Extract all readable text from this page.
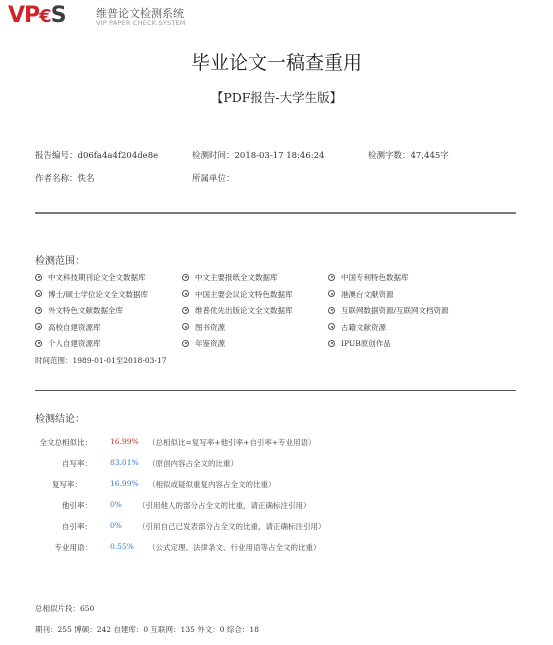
VP€S	维普论文检测系统
VIP PAPER CHECK SYSTEM
毕业论文一稿查重用
【PDF报告-大学生版】
报告编号：d06fa4a4f204de8e	检测时间：2018-03-17 18:46:24	检测字数：47,445字
作者名称：佚名	所属单位：
检测范围：
中文科技期刊论文全文数据库	中文主要报纸全文数据库	中国专利特色数据库
博士/硕士学位论文全文数据库	中国主要会议论文特色数据库	港澳台文献资源
外文特色文献数据全库	维普优先出版论文全文数据库	互联网数据资源/互联网文档资源
高校自建资源库	图书资源	古籍文献资源
个人自建资源库	年鉴资源	IPUB原创作品
时间范围：1989-01-01至2018-03-17
检测结论：
全文总相似比： 16.99% （总相似比=复写率+他引率+自引率+专业用语）
自写率： 83.01% （原创内容占全文的比重）
复写率：	16.99% （相似或疑似重复内容占全文的比重）
他引率： 0% （引用他人的部分占全文的比重，请正确标注引用）
自引率： 0% （引用自己已发表部分占全文的比重，请正确标注引用）
专业用语： 0.55% （公式定理、法律条文、行业用语等占全文的比重）
总相似片段：650
期刊：255 博硕：242 自建库：0 互联网：135 外文：0 综合：18
